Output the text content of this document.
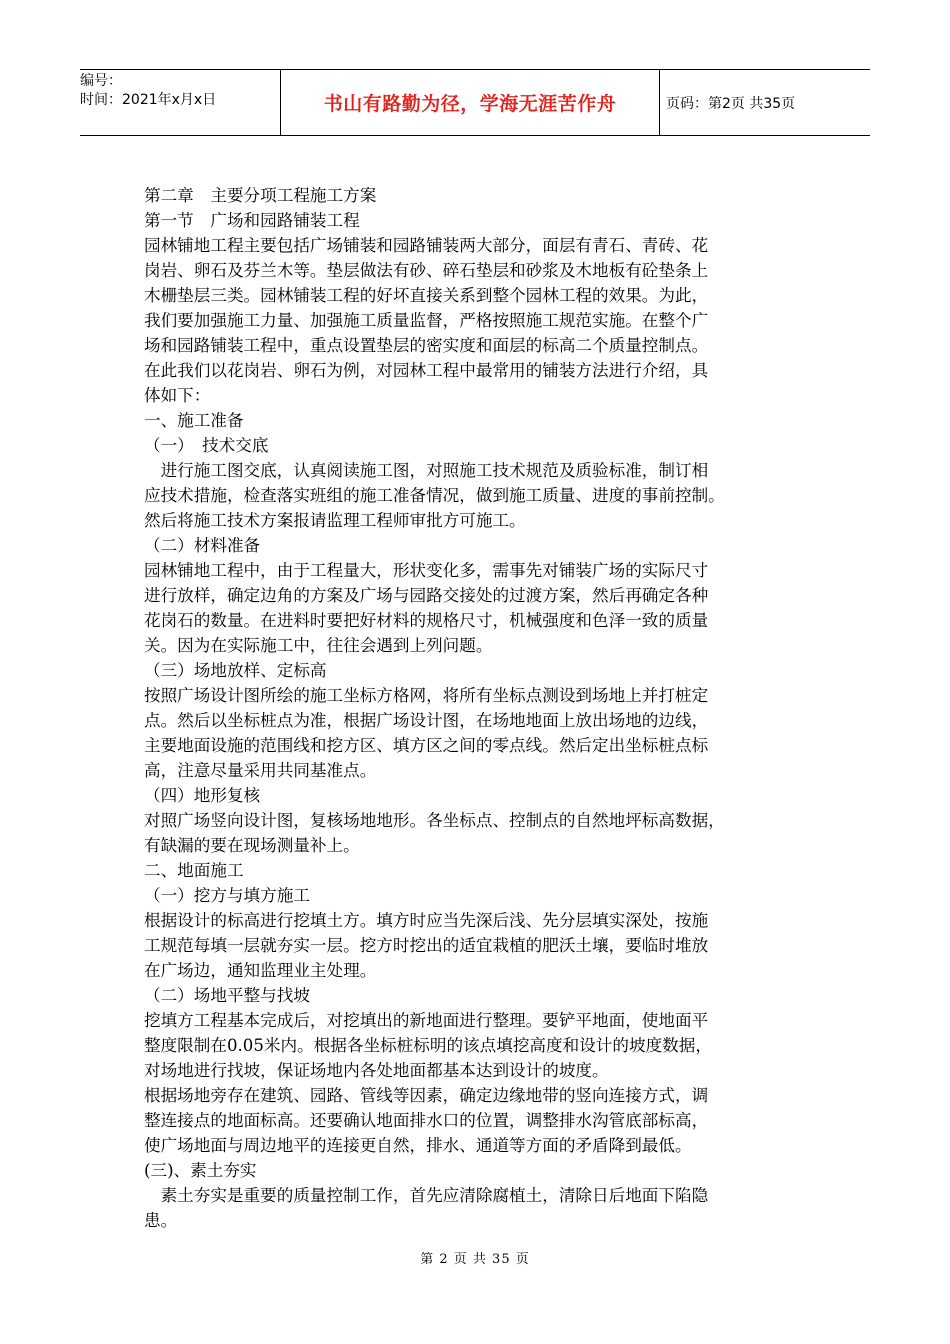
编号：
时间：2021年x月x日	书山有路勤为径，学海无涯苦作舟	页码：第2页 共35页

第二章　主要分项工程施工方案

第一节　广场和园路铺装工程

园林铺地工程主要包括广场铺装和园路铺装两大部分，面层有青石、青砖、花

岗岩、卵石及芬兰木等。垫层做法有砂、碎石垫层和砂浆及木地板有砼垫条上

木栅垫层三类。园林铺装工程的好坏直接关系到整个园林工程的效果。为此，

我们要加强施工力量、加强施工质量监督，严格按照施工规范实施。在整个广

场和园路铺装工程中，重点设置垫层的密实度和面层的标高二个质量控制点。

在此我们以花岗岩、卵石为例，对园林工程中最常用的铺装方法进行介绍，具

体如下：

一、施工准备

（一）　技术交底

　进行施工图交底，认真阅读施工图，对照施工技术规范及质验标准，制订相

应技术措施，检查落实班组的施工准备情况，做到施工质量、进度的事前控制。

然后将施工技术方案报请监理工程师审批方可施工。

（二）材料准备

园林铺地工程中，由于工程量大，形状变化多，需事先对铺装广场的实际尺寸

进行放样，确定边角的方案及广场与园路交接处的过渡方案，然后再确定各种

花岗石的数量。在进料时要把好材料的规格尺寸，机械强度和色泽一致的质量

关。因为在实际施工中，往往会遇到上列问题。

（三）场地放样、定标高

按照广场设计图所绘的施工坐标方格网，将所有坐标点测设到场地上并打桩定

点。然后以坐标桩点为准，根据广场设计图，在场地地面上放出场地的边线，

主要地面设施的范围线和挖方区、填方区之间的零点线。然后定出坐标桩点标

高，注意尽量采用共同基准点。

（四）地形复核

对照广场竖向设计图，复核场地地形。各坐标点、控制点的自然地坪标高数据，

有缺漏的要在现场测量补上。

二、地面施工

（一）挖方与填方施工

根据设计的标高进行挖填土方。填方时应当先深后浅、先分层填实深处，按施

工规范每填一层就夯实一层。挖方时挖出的适宜栽植的肥沃土壤，要临时堆放

在广场边，通知监理业主处理。

（二）场地平整与找坡

挖填方工程基本完成后，对挖填出的新地面进行整理。要铲平地面，使地面平

整度限制在0.05米内。根据各坐标桩标明的该点填挖高度和设计的坡度数据，

对场地进行找坡，保证场地内各处地面都基本达到设计的坡度。

根据场地旁存在建筑、园路、管线等因素，确定边缘地带的竖向连接方式，调

整连接点的地面标高。还要确认地面排水口的位置，调整排水沟管底部标高，

使广场地面与周边地平的连接更自然，排水、通道等方面的矛盾降到最低。

(三)、素土夯实

　素土夯实是重要的质量控制工作，首先应清除腐植土，清除日后地面下陷隐

患。

第 2 页 共 35 页
